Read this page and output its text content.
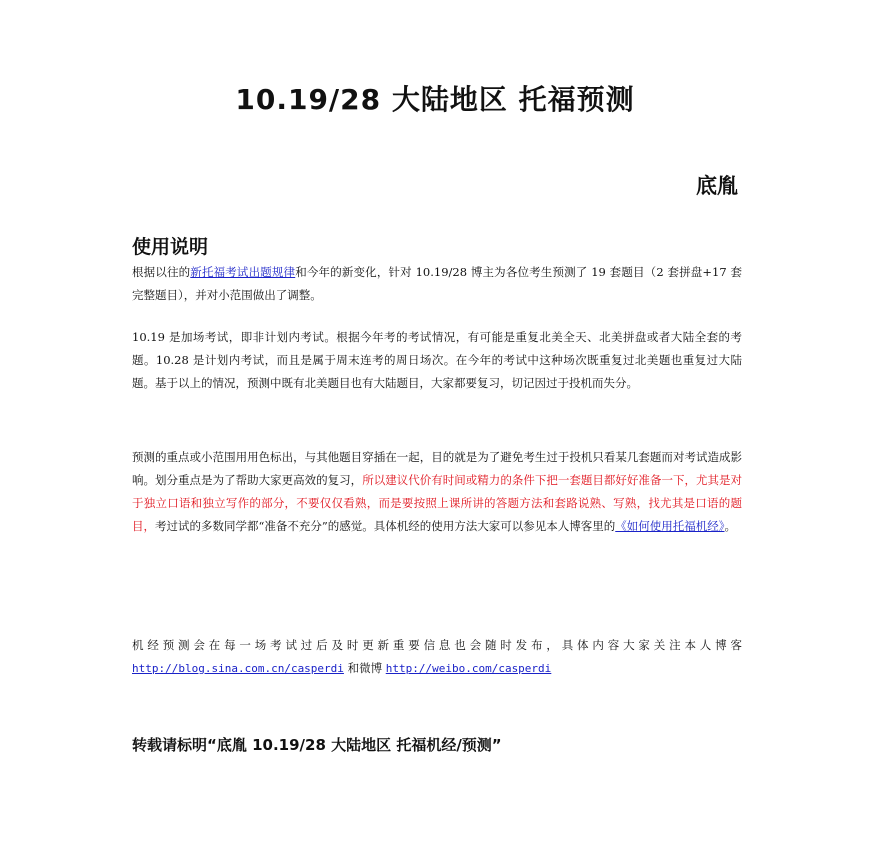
10.19/28 大陆地区 托福预测
底胤
使用说明
根据以往的新托福考试出题规律和今年的新变化，针对 10.19/28 博主为各位考生预测了 19 套题目（2 套拼盘+17 套完整题目），并对小范围做出了调整。
10.19 是加场考试，即非计划内考试。根据今年考的考试情况，有可能是重复北美全天、北美拼盘或者大陆全套的考题。10.28 是计划内考试，而且是属于周末连考的周日场次。在今年的考试中这种场次既重复过北美题也重复过大陆题。基于以上的情况，预测中既有北美题目也有大陆题目，大家都要复习，切记因过于投机而失分。
预测的重点或小范围用用色标出，与其他题目穿插在一起，目的就是为了避免考生过于投机只看某几套题而对考试造成影响。划分重点是为了帮助大家更高效的复习，所以建议代价有时间或精力的条件下把一套题目都好好准备一下，尤其是对于独立口语和独立写作的部分，不要仅仅看熟，而是要按照上课所讲的答题方法和套路说熟、写熟，找尤其是口语的题目，考过试的多数同学都“准备不充分”的感觉。具体机经的使用方法大家可以参见本人博客里的《如何使用托福机经》。
机经预测会在每一场考试过后及时更新重要信息也会随时发布，具体内容大家关注本人博客http://blog.sina.com.cn/casperdi 和微博 http://weibo.com/casperdi
转载请标明“底胤 10.19/28 大陆地区 托福机经/预测”
